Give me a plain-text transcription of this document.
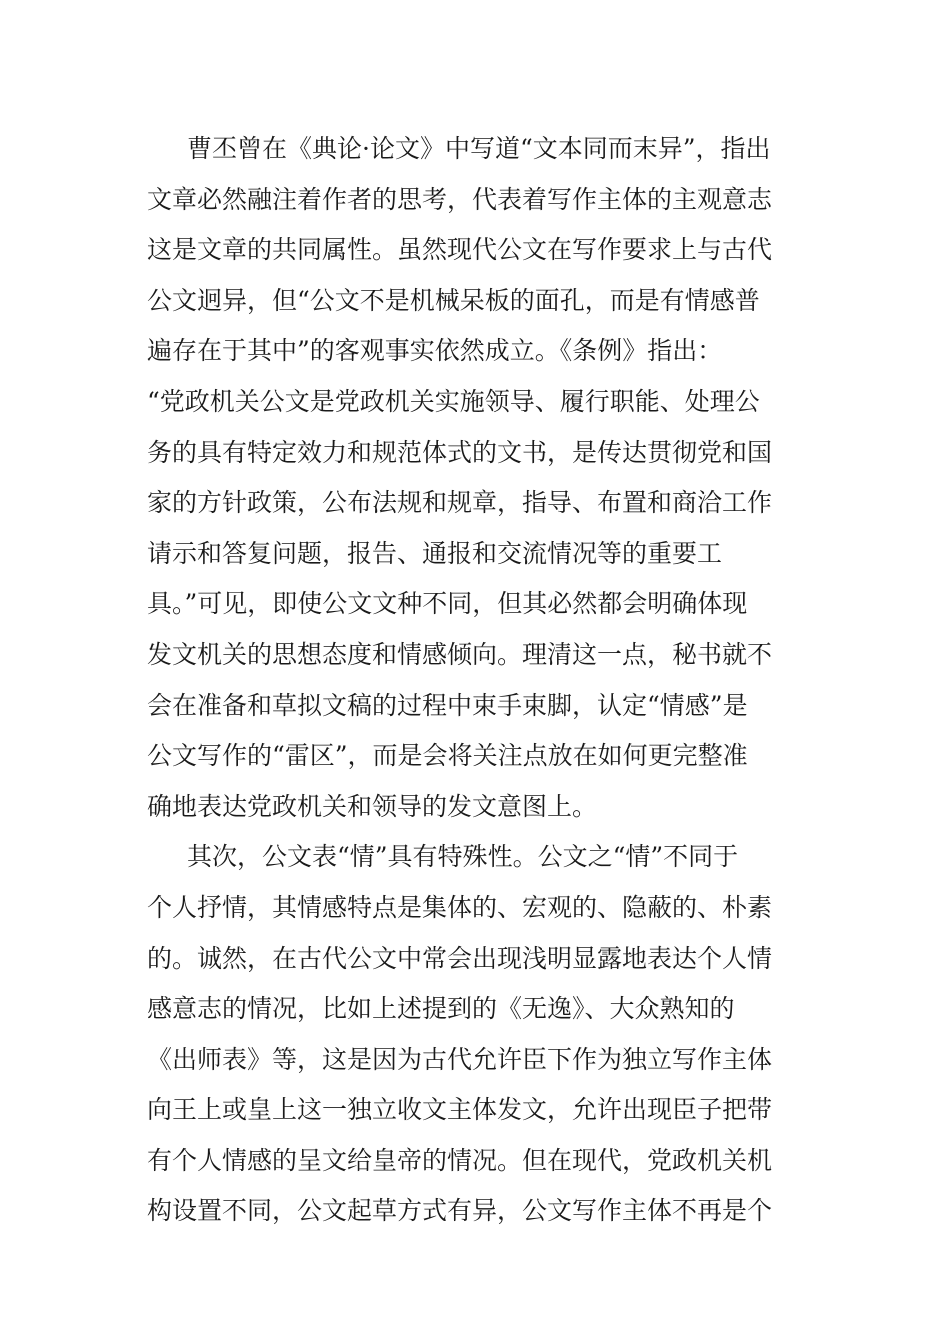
曹丕曾在《典论·论文》中写道“文本同而末异”，指出
文章必然融注着作者的思考，代表着写作主体的主观意志
这是文章的共同属性。虽然现代公文在写作要求上与古代
公文迥异，但“公文不是机械呆板的面孔，而是有情感普
遍存在于其中”的客观事实依然成立。《条例》指出：
“党政机关公文是党政机关实施领导、履行职能、处理公
务的具有特定效力和规范体式的文书，是传达贯彻党和国
家的方针政策，公布法规和规章，指导、布置和商洽工作
请示和答复问题，报告、通报和交流情况等的重要工
具。”可见，即使公文文种不同，但其必然都会明确体现
发文机关的思想态度和情感倾向。理清这一点，秘书就不
会在准备和草拟文稿的过程中束手束脚，认定“情感”是
公文写作的“雷区”，而是会将关注点放在如何更完整准
确地表达党政机关和领导的发文意图上。
其次，公文表“情”具有特殊性。公文之“情”不同于
个人抒情，其情感特点是集体的、宏观的、隐蔽的、朴素
的。诚然，在古代公文中常会出现浅明显露地表达个人情
感意志的情况，比如上述提到的《无逸》、大众熟知的
《出师表》等，这是因为古代允许臣下作为独立写作主体
向王上或皇上这一独立收文主体发文，允许出现臣子把带
有个人情感的呈文给皇帝的情况。但在现代，党政机关机
构设置不同，公文起草方式有异，公文写作主体不再是个
